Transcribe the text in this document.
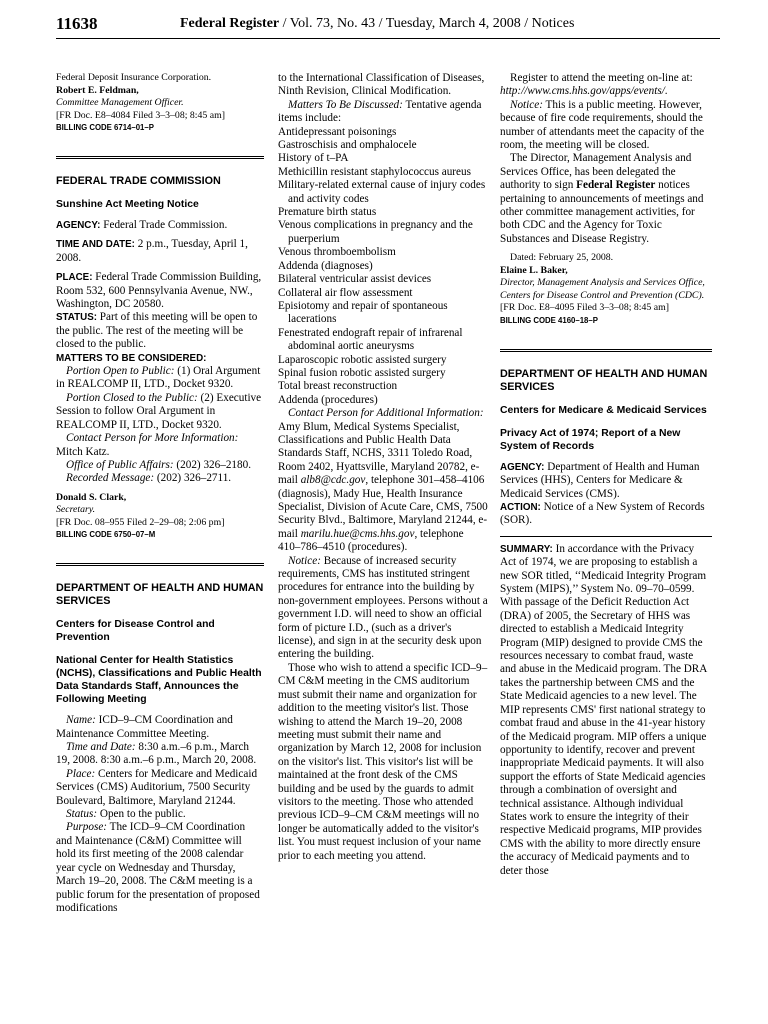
11638	Federal Register / Vol. 73, No. 43 / Tuesday, March 4, 2008 / Notices

Federal Deposit Insurance Corporation.

Robert E. Feldman,

Committee Management Officer.

[FR Doc. E8–4084 Filed 3–3–08; 8:45 am]

BILLING CODE 6714–01–P

FEDERAL TRADE COMMISSION

Sunshine Act Meeting Notice

AGENCY: Federal Trade Commission.

TIME AND DATE: 2 p.m., Tuesday, April 1, 2008.

PLACE: Federal Trade Commission Building, Room 532, 600 Pennsylvania Avenue, NW., Washington, DC 20580.

STATUS: Part of this meeting will be open to the public. The rest of the meeting will be closed to the public.

MATTERS TO BE CONSIDERED:

Portion Open to Public: (1) Oral Argument in REALCOMP II, LTD., Docket 9320.

Portion Closed to the Public: (2) Executive Session to follow Oral Argument in REALCOMP II, LTD., Docket 9320.

Contact Person for More Information: Mitch Katz.

Office of Public Affairs: (202) 326–2180.

Recorded Message: (202) 326–2711.

Donald S. Clark,

Secretary.

[FR Doc. 08–955 Filed 2–29–08; 2:06 pm]

BILLING CODE 6750–07–M

DEPARTMENT OF HEALTH AND HUMAN SERVICES

Centers for Disease Control and Prevention

National Center for Health Statistics (NCHS), Classifications and Public Health Data Standards Staff, Announces the Following Meeting

Name: ICD–9–CM Coordination and Maintenance Committee Meeting.

Time and Date: 8:30 a.m.–6 p.m., March 19, 2008. 8:30 a.m.–6 p.m., March 20, 2008.

Place: Centers for Medicare and Medicaid Services (CMS) Auditorium, 7500 Security Boulevard, Baltimore, Maryland 21244.

Status: Open to the public.

Purpose: The ICD–9–CM Coordination and Maintenance (C&M) Committee will hold its first meeting of the 2008 calendar year cycle on Wednesday and Thursday, March 19–20, 2008. The C&M meeting is a public forum for the presentation of proposed modifications

to the International Classification of Diseases, Ninth Revision, Clinical Modification.

Matters To Be Discussed: Tentative agenda items include:

Antidepressant poisonings

Gastroschisis and omphalocele

History of t–PA

Methicillin resistant staphylococcus aureus

Military-related external cause of injury codes and activity codes

Premature birth status

Venous complications in pregnancy and the puerperium

Venous thromboembolism

Addenda (diagnoses)

Bilateral ventricular assist devices

Collateral air flow assessment

Episiotomy and repair of spontaneous lacerations

Fenestrated endograft repair of infrarenal abdominal aortic aneurysms

Laparoscopic robotic assisted surgery

Spinal fusion robotic assisted surgery

Total breast reconstruction

Addenda (procedures)

Contact Person for Additional Information: Amy Blum, Medical Systems Specialist, Classifications and Public Health Data Standards Staff, NCHS, 3311 Toledo Road, Room 2402, Hyattsville, Maryland 20782, e-mail alb8@cdc.gov, telephone 301–458–4106 (diagnosis), Mady Hue, Health Insurance Specialist, Division of Acute Care, CMS, 7500 Security Blvd., Baltimore, Maryland 21244, e-mail marilu.hue@cms.hhs.gov, telephone 410–786–4510 (procedures).

Notice: Because of increased security requirements, CMS has instituted stringent procedures for entrance into the building by non-government employees. Persons without a government I.D. will need to show an official form of picture I.D., (such as a driver's license), and sign in at the security desk upon entering the building.

Those who wish to attend a specific ICD–9–CM C&M meeting in the CMS auditorium must submit their name and organization for addition to the meeting visitor's list. Those wishing to attend the March 19–20, 2008 meeting must submit their name and organization by March 12, 2008 for inclusion on the visitor's list. This visitor's list will be maintained at the front desk of the CMS building and be used by the guards to admit visitors to the meeting. Those who attended previous ICD–9–CM C&M meetings will no longer be automatically added to the visitor's list. You must request inclusion of your name prior to each meeting you attend.

Register to attend the meeting on-line at: http://www.cms.hhs.gov/apps/events/.

Notice: This is a public meeting. However, because of fire code requirements, should the number of attendants meet the capacity of the room, the meeting will be closed.

The Director, Management Analysis and Services Office, has been delegated the authority to sign Federal Register notices pertaining to announcements of meetings and other committee management activities, for both CDC and the Agency for Toxic Substances and Disease Registry.

Dated: February 25, 2008.

Elaine L. Baker,

Director, Management Analysis and Services Office, Centers for Disease Control and Prevention (CDC).

[FR Doc. E8–4095 Filed 3–3–08; 8:45 am]

BILLING CODE 4160–18–P

DEPARTMENT OF HEALTH AND HUMAN SERVICES

Centers for Medicare & Medicaid Services

Privacy Act of 1974; Report of a New System of Records

AGENCY: Department of Health and Human Services (HHS), Centers for Medicare & Medicaid Services (CMS).

ACTION: Notice of a New System of Records (SOR).

SUMMARY: In accordance with the Privacy Act of 1974, we are proposing to establish a new SOR titled, ‘‘Medicaid Integrity Program System (MIPS),’’ System No. 09–70–0599. With passage of the Deficit Reduction Act (DRA) of 2005, the Secretary of HHS was directed to establish a Medicaid Integrity Program (MIP) designed to provide CMS the resources necessary to combat fraud, waste and abuse in the Medicaid program. The DRA takes the partnership between CMS and the State Medicaid agencies to a new level. The MIP represents CMS' first national strategy to combat fraud and abuse in the 41-year history of the Medicaid program. MIP offers a unique opportunity to identify, recover and prevent inappropriate Medicaid payments. It will also support the efforts of State Medicaid agencies through a combination of oversight and technical assistance. Although individual States work to ensure the integrity of their respective Medicaid programs, MIP provides CMS with the ability to more directly ensure the accuracy of Medicaid payments and to deter those
